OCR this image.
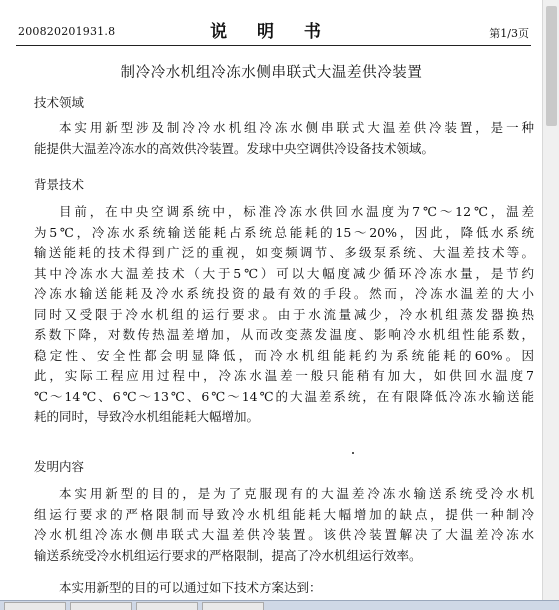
200820201931.8	说 明 书	第1/3页
制冷冷水机组冷冻水侧串联式大温差供冷装置
技术领域

本实用新型涉及制冷冷水机组冷冻水侧串联式大温差供冷装置，是一种

能提供大温差冷冻水的高效供冷装置。发球中央空调供冷设备技术领域。

背景技术

目前，在中央空调系统中，标准冷冻水供回水温度为7℃～12℃，温差

为5℃，冷冻水系统输送能耗占系统总能耗的15～20%，因此，降低水系统

输送能耗的技术得到广泛的重视，如变频调节、多级泵系统、大温差技术等。

其中冷冻水大温差技术（大于5℃）可以大幅度减少循环冷冻水量，是节约

冷冻水输送能耗及冷水系统投资的最有效的手段。然而，冷冻水温差的大小

同时又受限于冷水机组的运行要求。由于水流量减少，冷水机组蒸发器换热

系数下降，对数传热温差增加，从而改变蒸发温度、影响冷水机组性能系数，

稳定性、安全性都会明显降低，而冷水机组能耗约为系统能耗的60%。因

此，实际工程应用过程中，冷冻水温差一般只能稍有加大，如供回水温度7

℃～14℃、6℃～13℃、6℃～14℃的大温差系统，在有限降低冷冻水输送能

耗的同时，导致冷水机组能耗大幅增加。

发明内容

本实用新型的目的，是为了克服现有的大温差冷冻水输送系统受冷水机

组运行要求的严格限制而导致冷水机组能耗大幅增加的缺点，提供一种制冷

冷水机组冷冻水侧串联式大温差供冷装置。该供冷装置解决了大温差冷冻水

输送系统受冷水机组运行要求的严格限制，提高了冷水机组运行效率。

本实用新型的目的可以通过如下技术方案达到：
